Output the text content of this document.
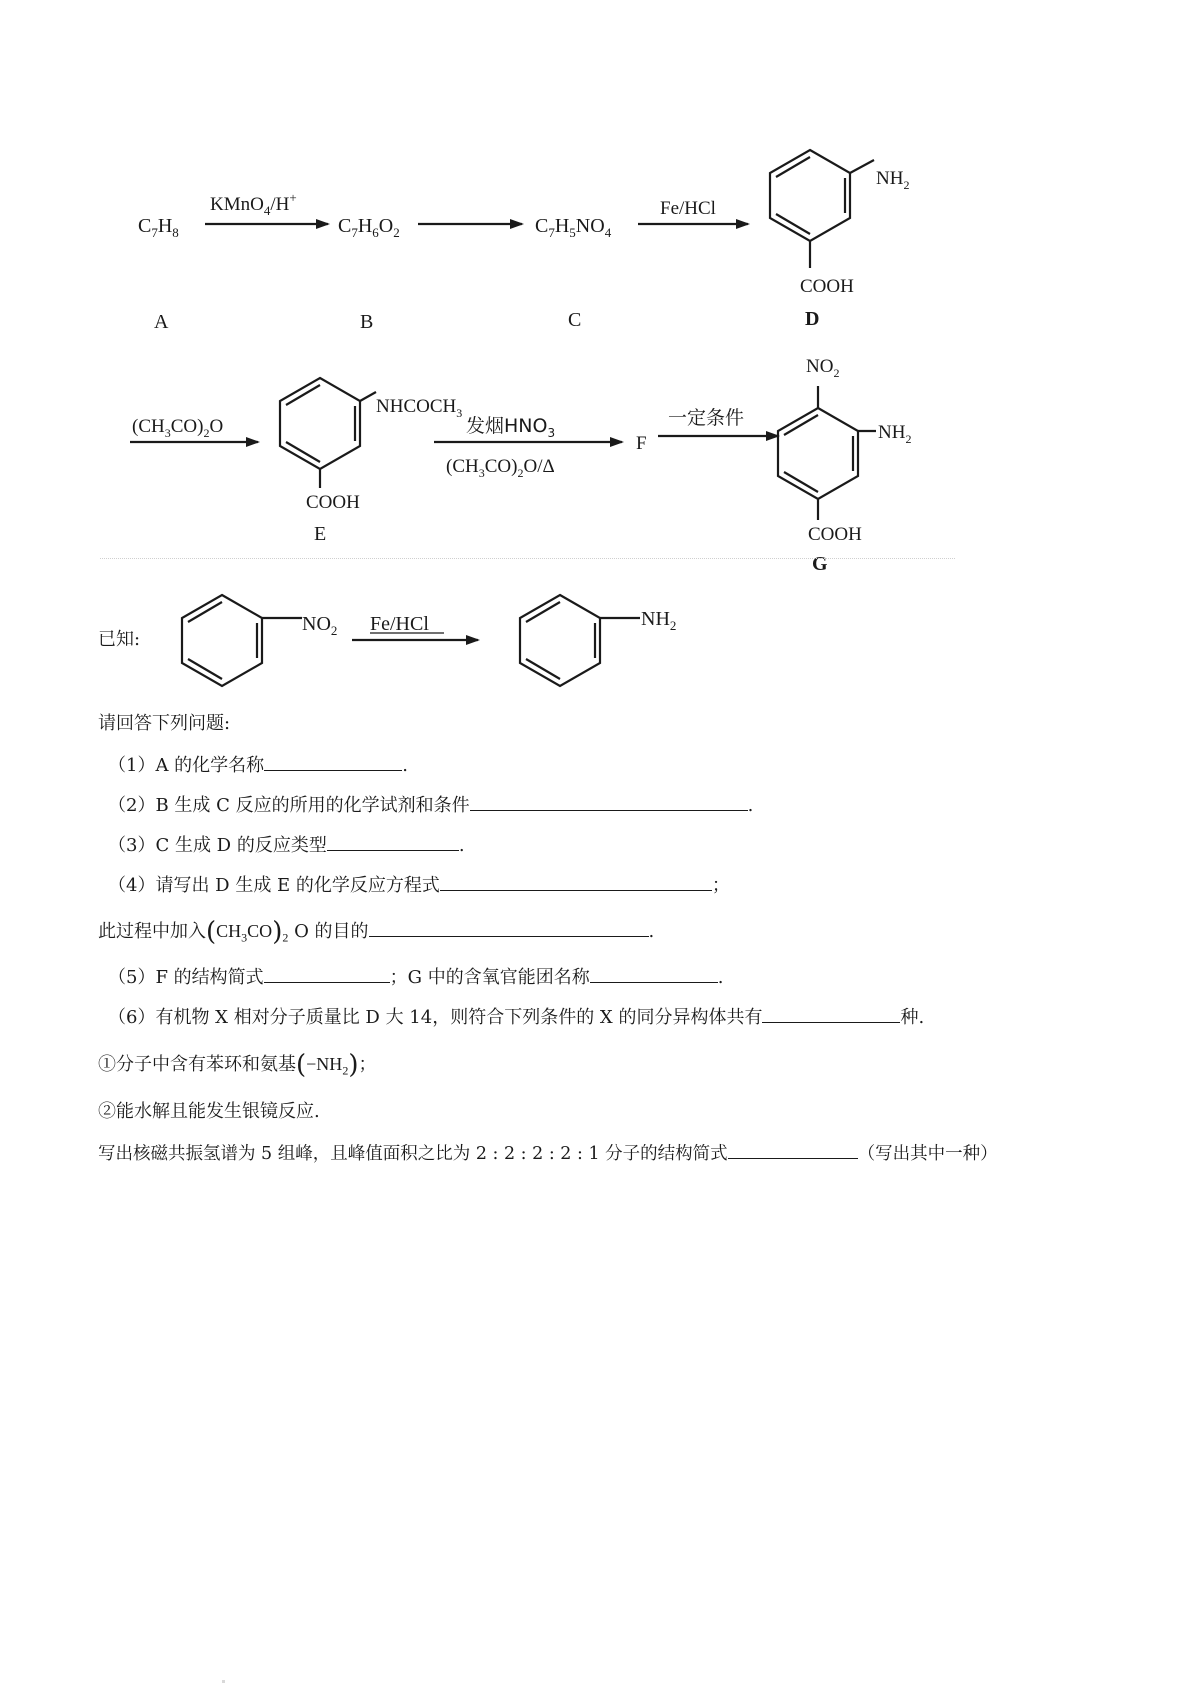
$C_7H_8$
A
KMnO$_4$/H+
$C_7H_6O_2$
B
$C_7H_5NO_4$
C
Fe/HCl
$NH_2$
COOH
D
$(CH_3CO)_2O$
$NHCOCH_3$
COOH
E
发烟$HNO_3$
$(CH_3CO)_2O/\Delta$
F
一定条件
$NO_2$
$NH_2$
COOH
G
$NO_2$ Fe/HCl	$NH_2$
已知:
请回答下列问题:
（1）A 的化学名称	.
（2）B 生成 C 反应的所用的化学试剂和条件	.
（3）C 生成 D 的反应类型	.
（4）请写出 D 生成 E 的化学反应方程式	；
此过程中加入$(CH_3CO)_2$ O 的目的	.
（5）F 的结构简式	；G 中的含氧官能团名称	.
（6）有机物 X 相对分子质量比 D 大 14，则符合下列条件的 X 的同分异构体共有	种.
①分子中含有苯环和氨基$(-NH_2)$；
②能水解且能发生银镜反应.
写出核磁共振氢谱为 5 组峰，且峰值面积之比为 2 : 2 : 2 : 2 : 1 分子的结构简式	（写出其中一种）
